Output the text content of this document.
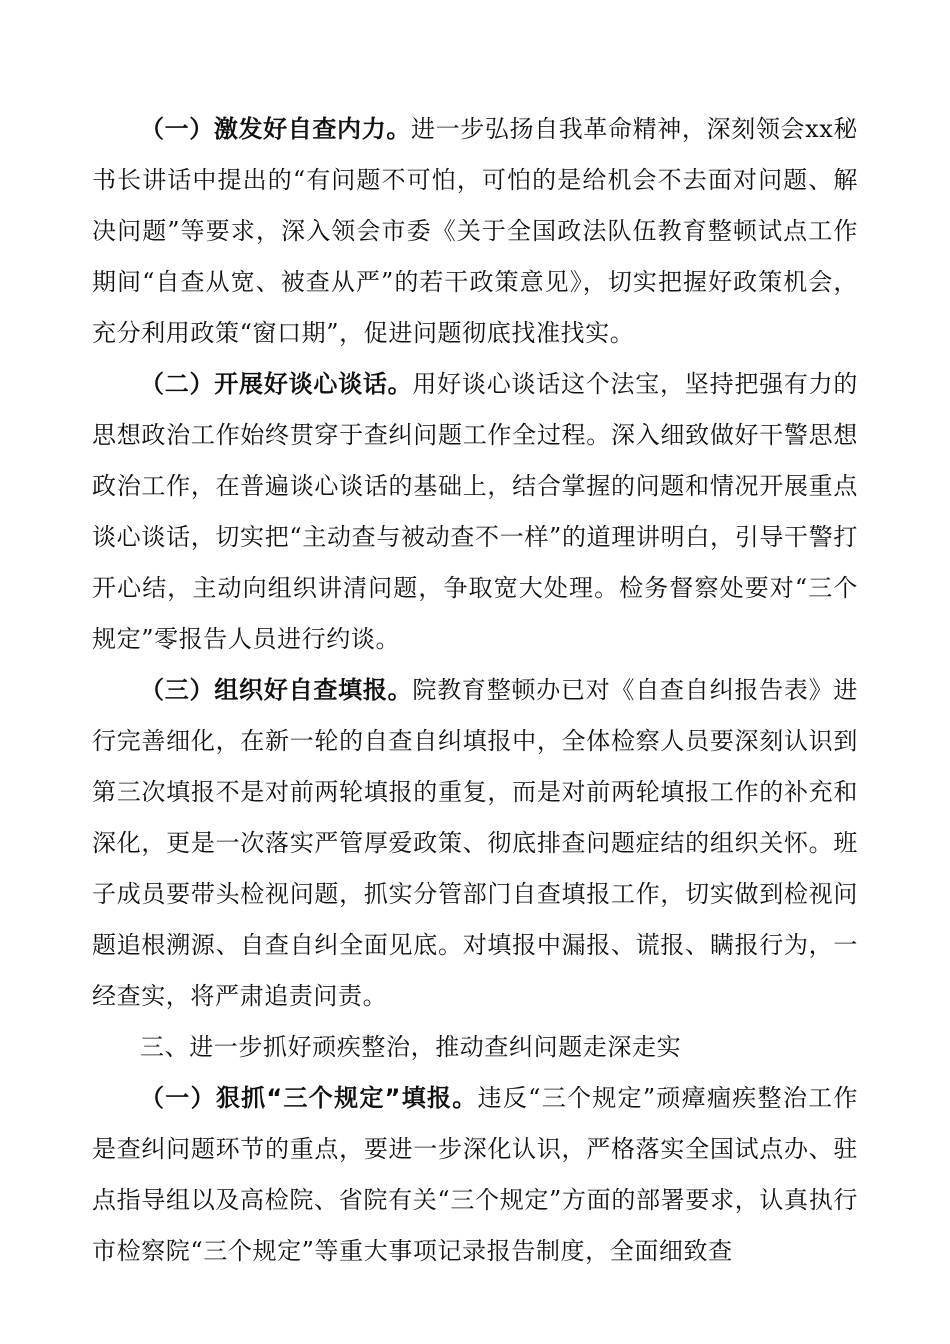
（一）激发好自查内力。进一步弘扬自我革命精神，深刻领会xx秘书长讲话中提出的“有问题不可怕，可怕的是给机会不去面对问题、解决问题”等要求，深入领会市委《关于全国政法队伍教育整顿试点工作期间“自查从宽、被查从严”的若干政策意见》，切实把握好政策机会，充分利用政策“窗口期”，促进问题彻底找准找实。

（二）开展好谈心谈话。用好谈心谈话这个法宝，坚持把强有力的思想政治工作始终贯穿于查纠问题工作全过程。深入细致做好干警思想政治工作，在普遍谈心谈话的基础上，结合掌握的问题和情况开展重点谈心谈话，切实把“主动查与被动查不一样”的道理讲明白，引导干警打开心结，主动向组织讲清问题，争取宽大处理。检务督察处要对“三个规定”零报告人员进行约谈。

（三）组织好自查填报。院教育整顿办已对《自查自纠报告表》进行完善细化，在新一轮的自查自纠填报中，全体检察人员要深刻认识到第三次填报不是对前两轮填报的重复，而是对前两轮填报工作的补充和深化，更是一次落实严管厚爱政策、彻底排查问题症结的组织关怀。班子成员要带头检视问题，抓实分管部门自查填报工作，切实做到检视问题追根溯源、自查自纠全面见底。对填报中漏报、谎报、瞒报行为，一经查实，将严肃追责问责。

三、进一步抓好顽疾整治，推动查纠问题走深走实

（一）狠抓“三个规定”填报。违反“三个规定”顽瘴痼疾整治工作是查纠问题环节的重点，要进一步深化认识，严格落实全国试点办、驻点指导组以及高检院、省院有关“三个规定”方面的部署要求，认真执行市检察院“三个规定”等重大事项记录报告制度，全面细致查
